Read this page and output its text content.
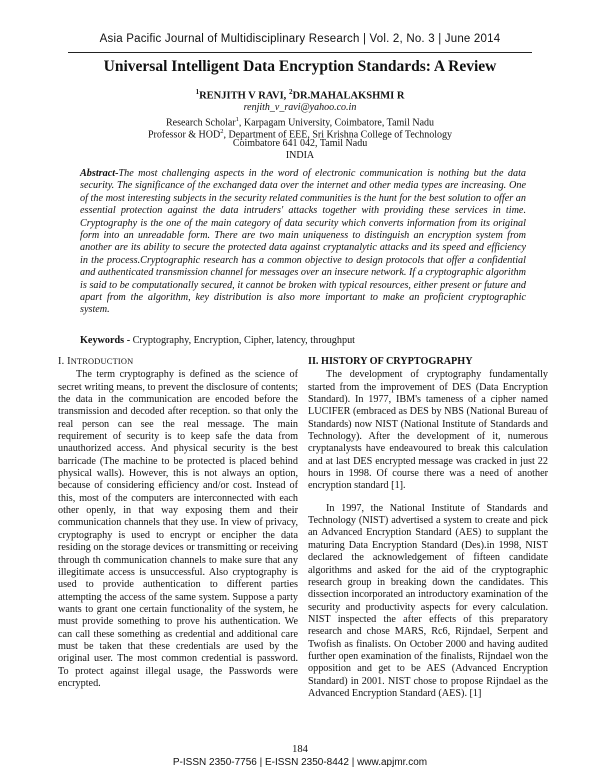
Asia Pacific Journal of Multidisciplinary Research | Vol. 2, No. 3 | June 2014
Universal Intelligent Data Encryption Standards: A Review
$^1$RENJITH V RAVI, $^2$DR.MAHALAKSHMI R
renjith_v_ravi@yahoo.co.in
Research Scholar$^1$, Karpagam University, Coimbatore, Tamil Nadu
Professor & HOD$^2$, Department of EEE, Sri Krishna College of Technology
Coimbatore 641 042, Tamil Nadu
INDIA
Abstract-The most challenging aspects in the word of electronic communication is nothing but the data security. The significance of the exchanged data over the internet and other media types are increasing. One of the most interesting subjects in the security related communities is the hunt for the best solution to offer an essential protection against the data intruders' attacks together with providing these services in time. Cryptography is the one of the main category of data security which converts information from its original form into an unreadable form. There are two main uniqueness to distinguish an encryption system from another are its ability to secure the protected data against cryptanalytic attacks and its speed and efficiency in the process.Cryptographic research has a common objective to design protocols that offer a confidential and authenticated transmission channel for messages over an insecure network. If a cryptographic algorithm is said to be computationally secured, it cannot be broken with typical resources, either present or future and apart from the algorithm, key distribution is also more important to make an proficient cryptographic system.
Keywords - Cryptography, Encryption, Cipher, latency, throughput
I. INTRODUCTION

The term cryptography is defined as the science of secret writing means, to prevent the disclosure of contents; the data in the communication are encoded before the transmission and decoded after reception. so that only the real person can see the real message. The main requirement of security is to keep safe the data from unauthorized access. And physical security is the best barricade (The machine to be protected is placed behind physical walls). However, this is not always an option, because of considering efficiency and/or cost. Instead of this, most of the computers are interconnected with each other openly, in that way exposing them and their communication channels that they use. In view of privacy, cryptography is used to encrypt or encipher the data residing on the storage devices or transmitting or receiving through th communication channels to make sure that any illegitimate access is unsuccessful. Also cryptography is used to provide authentication to different parties attempting the access of the same system. Suppose a party wants to grant one certain functionality of the system, he must provide something to prove his authentication. We can call these something as credential and additional care must be taken that these credentials are used by the original user. The most common credential is password. To protect against illegal usage, the Passwords were encrypted.

II. HISTORY OF CRYPTOGRAPHY

The development of cryptography fundamentally started from the improvement of DES (Data Encryption Standard). In 1977, IBM's tameness of a cipher named LUCIFER (embraced as DES by NBS (National Bureau of Standards) now NIST (National Institute of Standards and Technology). After the development of it, numerous cryptanalysts have endeavoured to break this calculation and at last DES encrypted message was cracked in just 22 hours in 1998. Of course there was a need of another encryption standard [1].

In 1997, the National Institute of Standards and Technology (NIST) advertised a system to create and pick an Advanced Encryption Standard (AES) to supplant the maturing Data Encryption Standard (Des).in 1998, NIST declared the acknowledgement of fifteen candidate algorithms and asked for the aid of the cryptographic research group in breaking down the candidates. This dissection incorporated an introductory examination of the security and productivity aspects for every calculation. NIST inspected the after effects of this preparatory research and chose MARS, Rc6, Rijndael, Serpent and Twofish as finalists. On October 2000 and having audited further open examination of the finalists, Rijndael won the opposition and get to be AES (Advanced Encryption Standard) in 2001. NIST chose to propose Rijndael as the Advanced Encryption Standard (AES). [1]

184
P-ISSN 2350-7756 | E-ISSN 2350-8442 | www.apjmr.com
